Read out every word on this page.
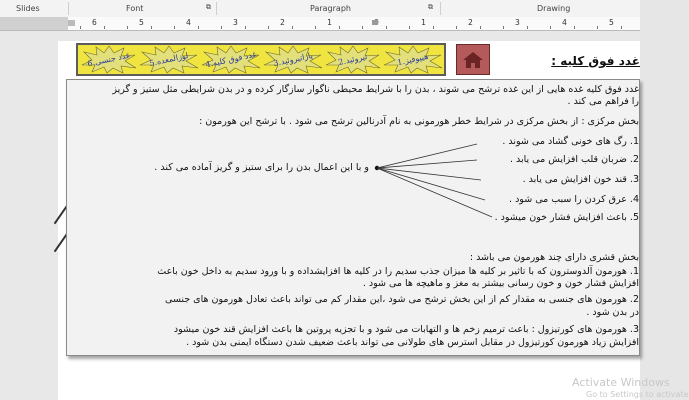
Slides	Font	⧉	Paragraph	⧉	Drawing
6	5	4	3	2	1	1	2	3	4	5
6.غدد جنسی 5.لوزالمعده 4.غدد فوق کلیه 3.پاراتیروئید	2.تیروئید	1.هیپوفیز	غدد فوق کلیه :
غدد فوق کلیه غده هایی از این غده ترشح می شوند ، بدن را با شرایط محیطی ناگوار سازگار کرده و در بدن شرایطی مثل ستیز و گریز
را فراهم می کند .
بخش مرکزی : از بخش مرکزی در شرایط خطر هورمونی به نام آدرنالین ترشح می شود . با ترشح این هورمون :
1. رگ های خونی گشاد می شوند .
2. ضربان قلب افزایش می یابد .
3. قند خون افزایش می یابد .
4. عرق کردن را سبب می شود .
5. باعث افزایش فشار خون میشود .
و با این اعمال بدن را برای ستیز و گریز آماده می کند .
بخش قشری دارای چند هورمون می باشد :
1. هورمون آلدوسترون که با تاثیر بر کلیه ها میزان جذب سدیم را در کلیه ها افزایشداده و با ورود سدیم به داخل خون باعث
افزایش فشار خون و خون رسانی بیشتر به مغز و ماهیچه ها می شود .
2. هورمون های جنسی به مقدار کم از این بخش ترشح می شود ،این مقدار کم می تواند باعث تعادل هورمون های جنسی
در بدن شود .
3. هورمون های کورتیزول : باعث ترمیم زخم ها و التهابات می شود و با تجزیه پروتین ها باعث افزایش قند خون میشود
افزایش زیاد هورمون کورتیزول در مقابل استرس های طولانی می تواند باعث ضعیف شدن دستگاه ایمنی بدن شود .
Activate Windows
Go to Settings to activate
